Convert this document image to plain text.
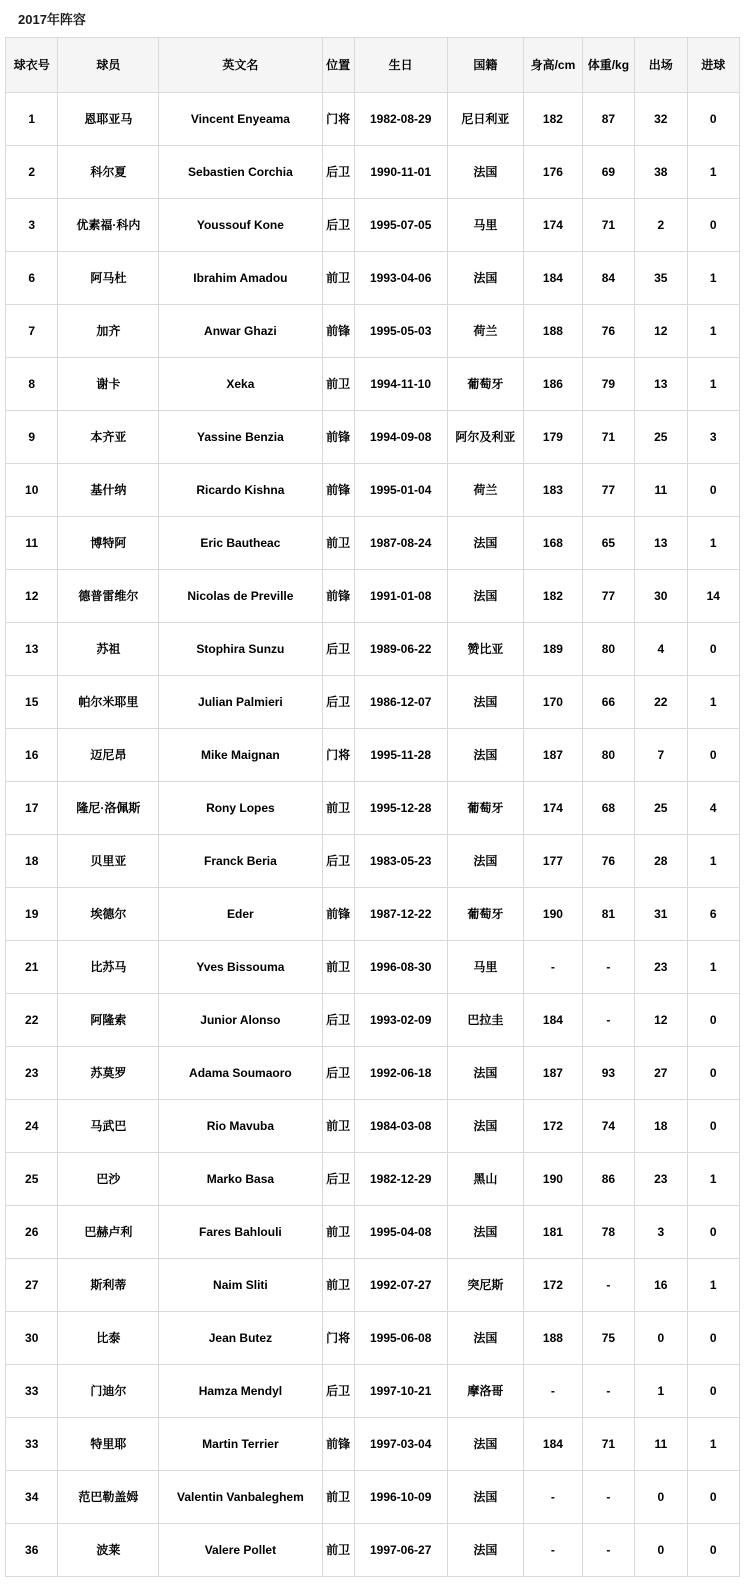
2017年阵容
球衣号	球员	英文名	位置	生日	国籍	身高/cm	体重/kg	出场	进球
1	恩耶亚马	Vincent Enyeama	门将	1982-08-29	尼日利亚	182	87	32	0
2	科尔夏	Sebastien Corchia	后卫	1990-11-01	法国	176	69	38	1
3	优素福·科内	Youssouf Kone	后卫	1995-07-05	马里	174	71	2	0
6	阿马杜	Ibrahim Amadou	前卫	1993-04-06	法国	184	84	35	1
7	加齐	Anwar Ghazi	前锋	1995-05-03	荷兰	188	76	12	1
8	谢卡	Xeka	前卫	1994-11-10	葡萄牙	186	79	13	1
9	本齐亚	Yassine Benzia	前锋	1994-09-08	阿尔及利亚	179	71	25	3
10	基什纳	Ricardo Kishna	前锋	1995-01-04	荷兰	183	77	11	0
11	博特阿	Eric Bautheac	前卫	1987-08-24	法国	168	65	13	1
12	德普雷维尔	Nicolas de Preville	前锋	1991-01-08	法国	182	77	30	14
13	苏祖	Stophira Sunzu	后卫	1989-06-22	赞比亚	189	80	4	0
15	帕尔米耶里	Julian Palmieri	后卫	1986-12-07	法国	170	66	22	1
16	迈尼昂	Mike Maignan	门将	1995-11-28	法国	187	80	7	0
17	隆尼·洛佩斯	Rony Lopes	前卫	1995-12-28	葡萄牙	174	68	25	4
18	贝里亚	Franck Beria	后卫	1983-05-23	法国	177	76	28	1
19	埃德尔	Eder	前锋	1987-12-22	葡萄牙	190	81	31	6
21	比苏马	Yves Bissouma	前卫	1996-08-30	马里	-	-	23	1
22	阿隆索	Junior Alonso	后卫	1993-02-09	巴拉圭	184	-	12	0
23	苏莫罗	Adama Soumaoro	后卫	1992-06-18	法国	187	93	27	0
24	马武巴	Rio Mavuba	前卫	1984-03-08	法国	172	74	18	0
25	巴沙	Marko Basa	后卫	1982-12-29	黑山	190	86	23	1
26	巴赫卢利	Fares Bahlouli	前卫	1995-04-08	法国	181	78	3	0
27	斯利蒂	Naim Sliti	前卫	1992-07-27	突尼斯	172	-	16	1
30	比泰	Jean Butez	门将	1995-06-08	法国	188	75	0	0
33	门迪尔	Hamza Mendyl	后卫	1997-10-21	摩洛哥	-	-	1	0
33	特里耶	Martin Terrier	前锋	1997-03-04	法国	184	71	11	1
34	范巴勒盖姆	Valentin Vanbaleghem	前卫	1996-10-09	法国	-	-	0	0
36	波莱	Valere Pollet	前卫	1997-06-27	法国	-	-	0	0
